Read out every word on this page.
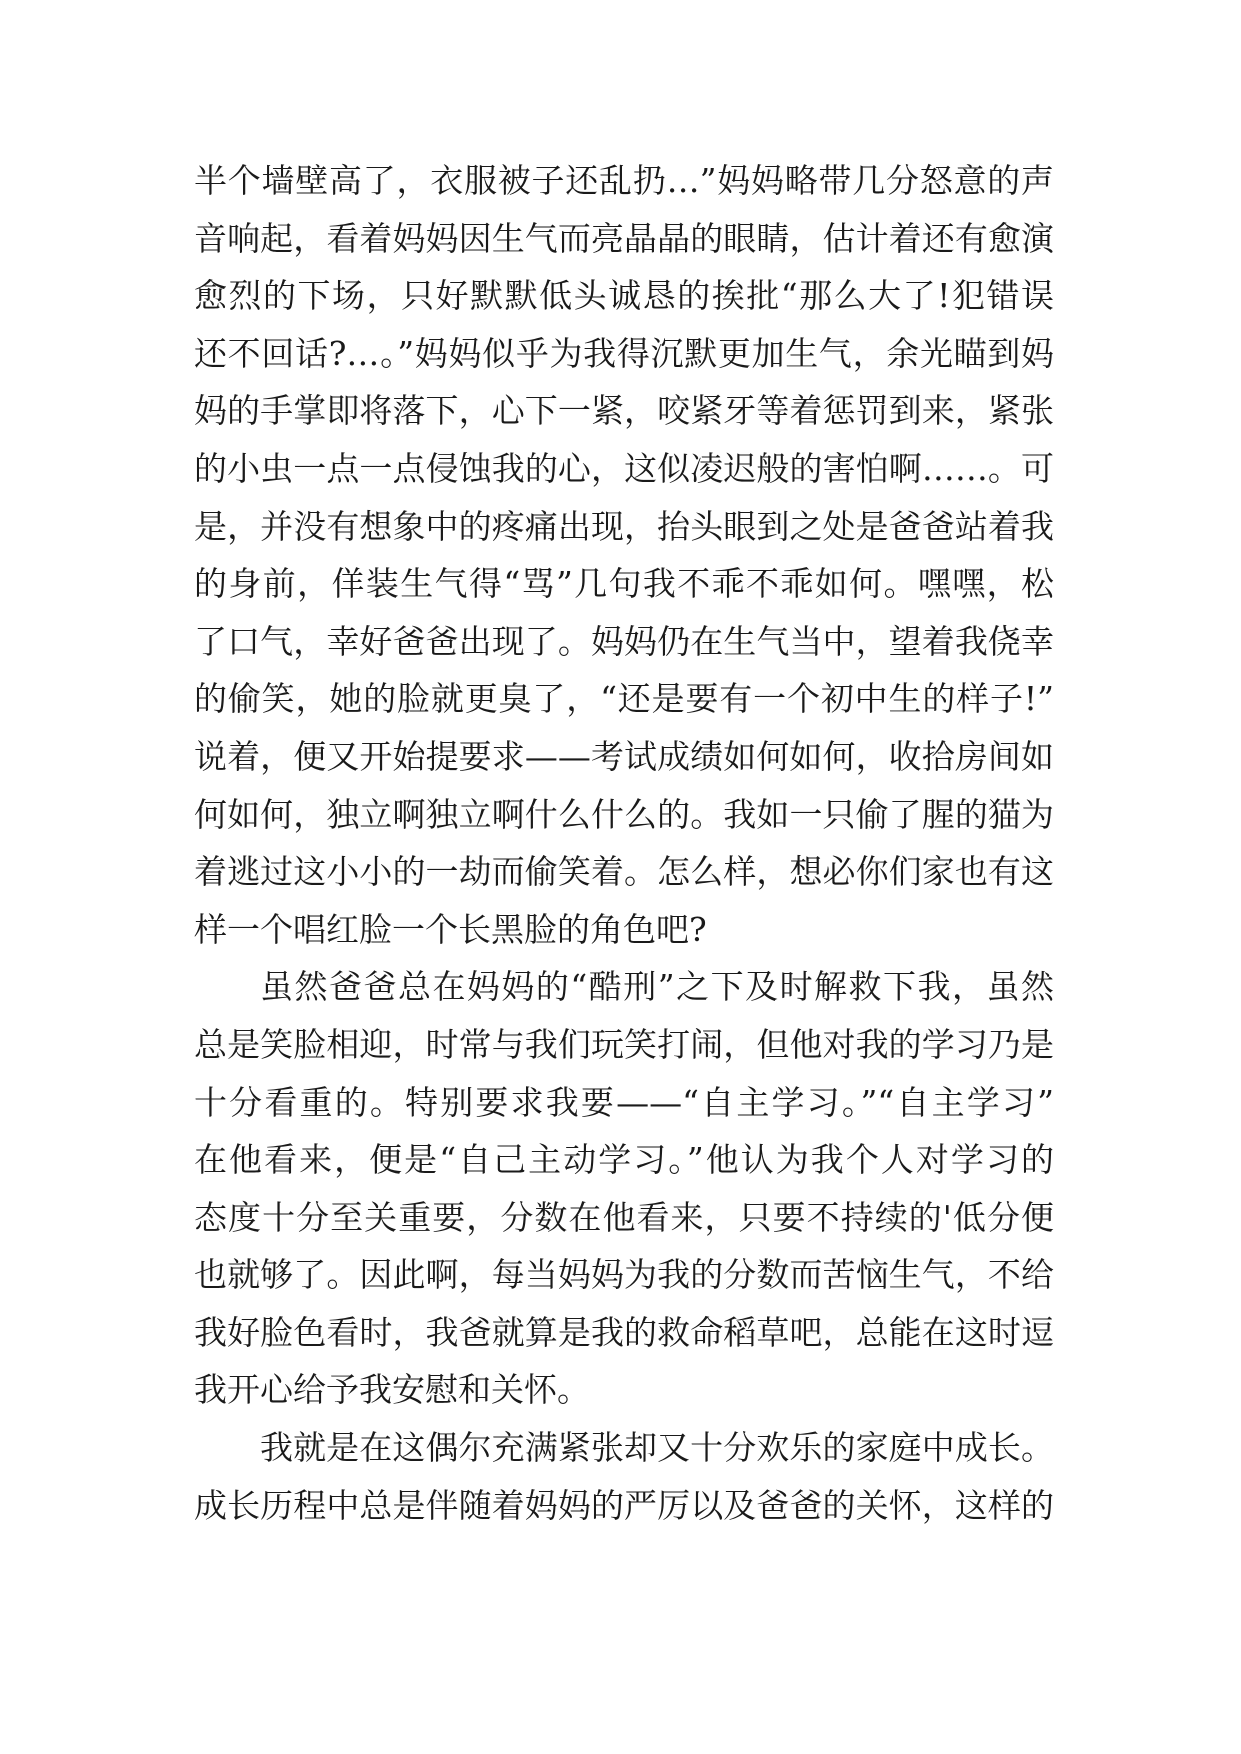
半个墙壁高了，衣服被子还乱扔…”妈妈略带几分怒意的声
音响起，看着妈妈因生气而亮晶晶的眼睛，估计着还有愈演
愈烈的下场，只好默默低头诚恳的挨批“那么大了!犯错误
还不回话?…。”妈妈似乎为我得沉默更加生气，余光瞄到妈
妈的手掌即将落下，心下一紧，咬紧牙等着惩罚到来，紧张
的小虫一点一点侵蚀我的心，这似凌迟般的害怕啊……。可
是，并没有想象中的疼痛出现，抬头眼到之处是爸爸站着我
的身前，佯装生气得“骂”几句我不乖不乖如何。嘿嘿，松
了口气，幸好爸爸出现了。妈妈仍在生气当中，望着我侥幸
的偷笑，她的脸就更臭了，“还是要有一个初中生的样子!”
说着，便又开始提要求——考试成绩如何如何，收拾房间如
何如何，独立啊独立啊什么什么的。我如一只偷了腥的猫为
着逃过这小小的一劫而偷笑着。怎么样，想必你们家也有这
样一个唱红脸一个长黑脸的角色吧?
虽然爸爸总在妈妈的“酷刑”之下及时解救下我，虽然
总是笑脸相迎，时常与我们玩笑打闹，但他对我的学习乃是
十分看重的。特别要求我要——“自主学习。”“自主学习”
在他看来，便是“自己主动学习。”他认为我个人对学习的
态度十分至关重要，分数在他看来，只要不持续的'低分便
也就够了。因此啊，每当妈妈为我的分数而苦恼生气，不给
我好脸色看时，我爸就算是我的救命稻草吧，总能在这时逗
我开心给予我安慰和关怀。
我就是在这偶尔充满紧张却又十分欢乐的家庭中成长。
成长历程中总是伴随着妈妈的严厉以及爸爸的关怀，这样的
